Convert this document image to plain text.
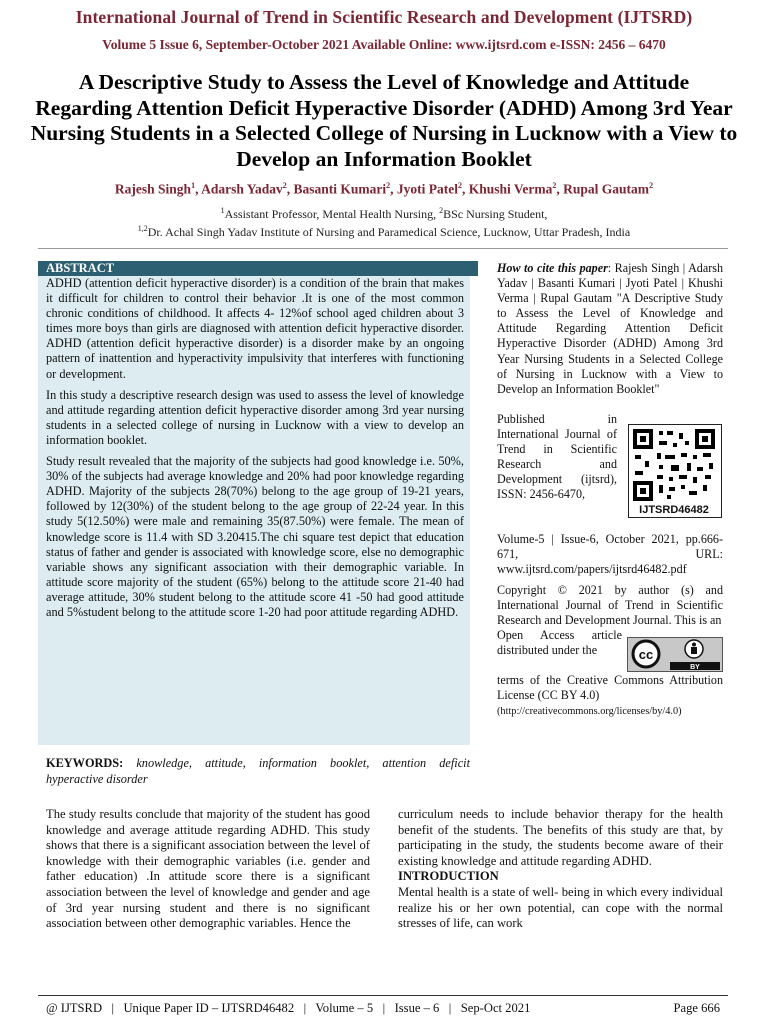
International Journal of Trend in Scientific Research and Development (IJTSRD)
Volume 5 Issue 6, September-October 2021 Available Online: www.ijtsrd.com e-ISSN: 2456 – 6470
A Descriptive Study to Assess the Level of Knowledge and Attitude Regarding Attention Deficit Hyperactive Disorder (ADHD) Among 3rd Year Nursing Students in a Selected College of Nursing in Lucknow with a View to Develop an Information Booklet
Rajesh Singh$^1$, Adarsh Yadav$^2$, Basanti Kumari$^2$, Jyoti Patel$^2$, Khushi Verma$^2$, Rupal Gautam$^2$
$^1$Assistant Professor, Mental Health Nursing, $^2$BSc Nursing Student,
$^{1,2}$Dr. Achal Singh Yadav Institute of Nursing and Paramedical Science, Lucknow, Uttar Pradesh, India
ABSTRACT

ADHD (attention deficit hyperactive disorder) is a condition of the brain that makes it difficult for children to control their behavior .It is one of the most common chronic conditions of childhood. It affects 4- 12%of school aged children about 3 times more boys than girls are diagnosed with attention deficit hyperactive disorder. ADHD (attention deficit hyperactive disorder) is a disorder make by an ongoing pattern of inattention and hyperactivity impulsivity that interferes with functioning or development.

In this study a descriptive research design was used to assess the level of knowledge and attitude regarding attention deficit hyperactive disorder among 3rd year nursing students in a selected college of nursing in Lucknow with a view to develop an information booklet.

Study result revealed that the majority of the subjects had good knowledge i.e. 50%, 30% of the subjects had average knowledge and 20% had poor knowledge regarding ADHD. Majority of the subjects 28(70%) belong to the age group of 19-21 years, followed by 12(30%) of the student belong to the age group of 22-24 year. In this study 5(12.50%) were male and remaining 35(87.50%) were female. The mean of knowledge score is 11.4 with SD 3.20415.The chi square test depict that education status of father and gender is associated with knowledge score, else no demographic variable shows any significant association with their demographic variable. In attitude score majority of the student (65%) belong to the attitude score 21-40 had average attitude, 30% student belong to the attitude score 41 -50 had good attitude and 5%student belong to the attitude score 1-20 had poor attitude regarding ADHD.

KEYWORDS: knowledge, attitude, information booklet, attention deficit hyperactive disorder
How to cite this paper: Rajesh Singh | Adarsh Yadav | Basanti Kumari | Jyoti Patel | Khushi Verma | Rupal Gautam "A Descriptive Study to Assess the Level of Knowledge and Attitude Regarding Attention Deficit Hyperactive Disorder (ADHD) Among 3rd Year Nursing Students in a Selected College of Nursing in Lucknow with a View to Develop an Information Booklet"
Published in International Journal of Trend in Scientific Research and Development (ijtsrd), ISSN: 2456-6470,
IJTSRD46482
Volume-5 | Issue-6, October 2021, pp.666-671, URL: www.ijtsrd.com/papers/ijtsrd46482.pdf
Copyright © 2021 by author (s) and International Journal of Trend in Scientific Research and Development Journal. This is an
Open Access article distributed under the	cc
BY
terms of the Creative Commons Attribution License (CC BY 4.0)
(http://creativecommons.org/licenses/by/4.0)
The study results conclude that majority of the student has good knowledge and average attitude regarding ADHD. This study shows that there is a significant association between the level of knowledge with their demographic variables (i.e. gender and father education) .In attitude score there is a significant association between the level of knowledge and gender and age of 3rd year nursing student and there is no significant association between other demographic variables. Hence the
curriculum needs to include behavior therapy for the health benefit of the students. The benefits of this study are that, by participating in the study, the students become aware of their existing knowledge and attitude regarding ADHD.
INTRODUCTION
Mental health is a state of well- being in which every individual realize his or her own potential, can cope with the normal stresses of life, can work
@ IJTSRD   |   Unique Paper ID – IJTSRD46482   |   Volume – 5   |   Issue – 6   |   Sep-Oct 2021	Page 666
